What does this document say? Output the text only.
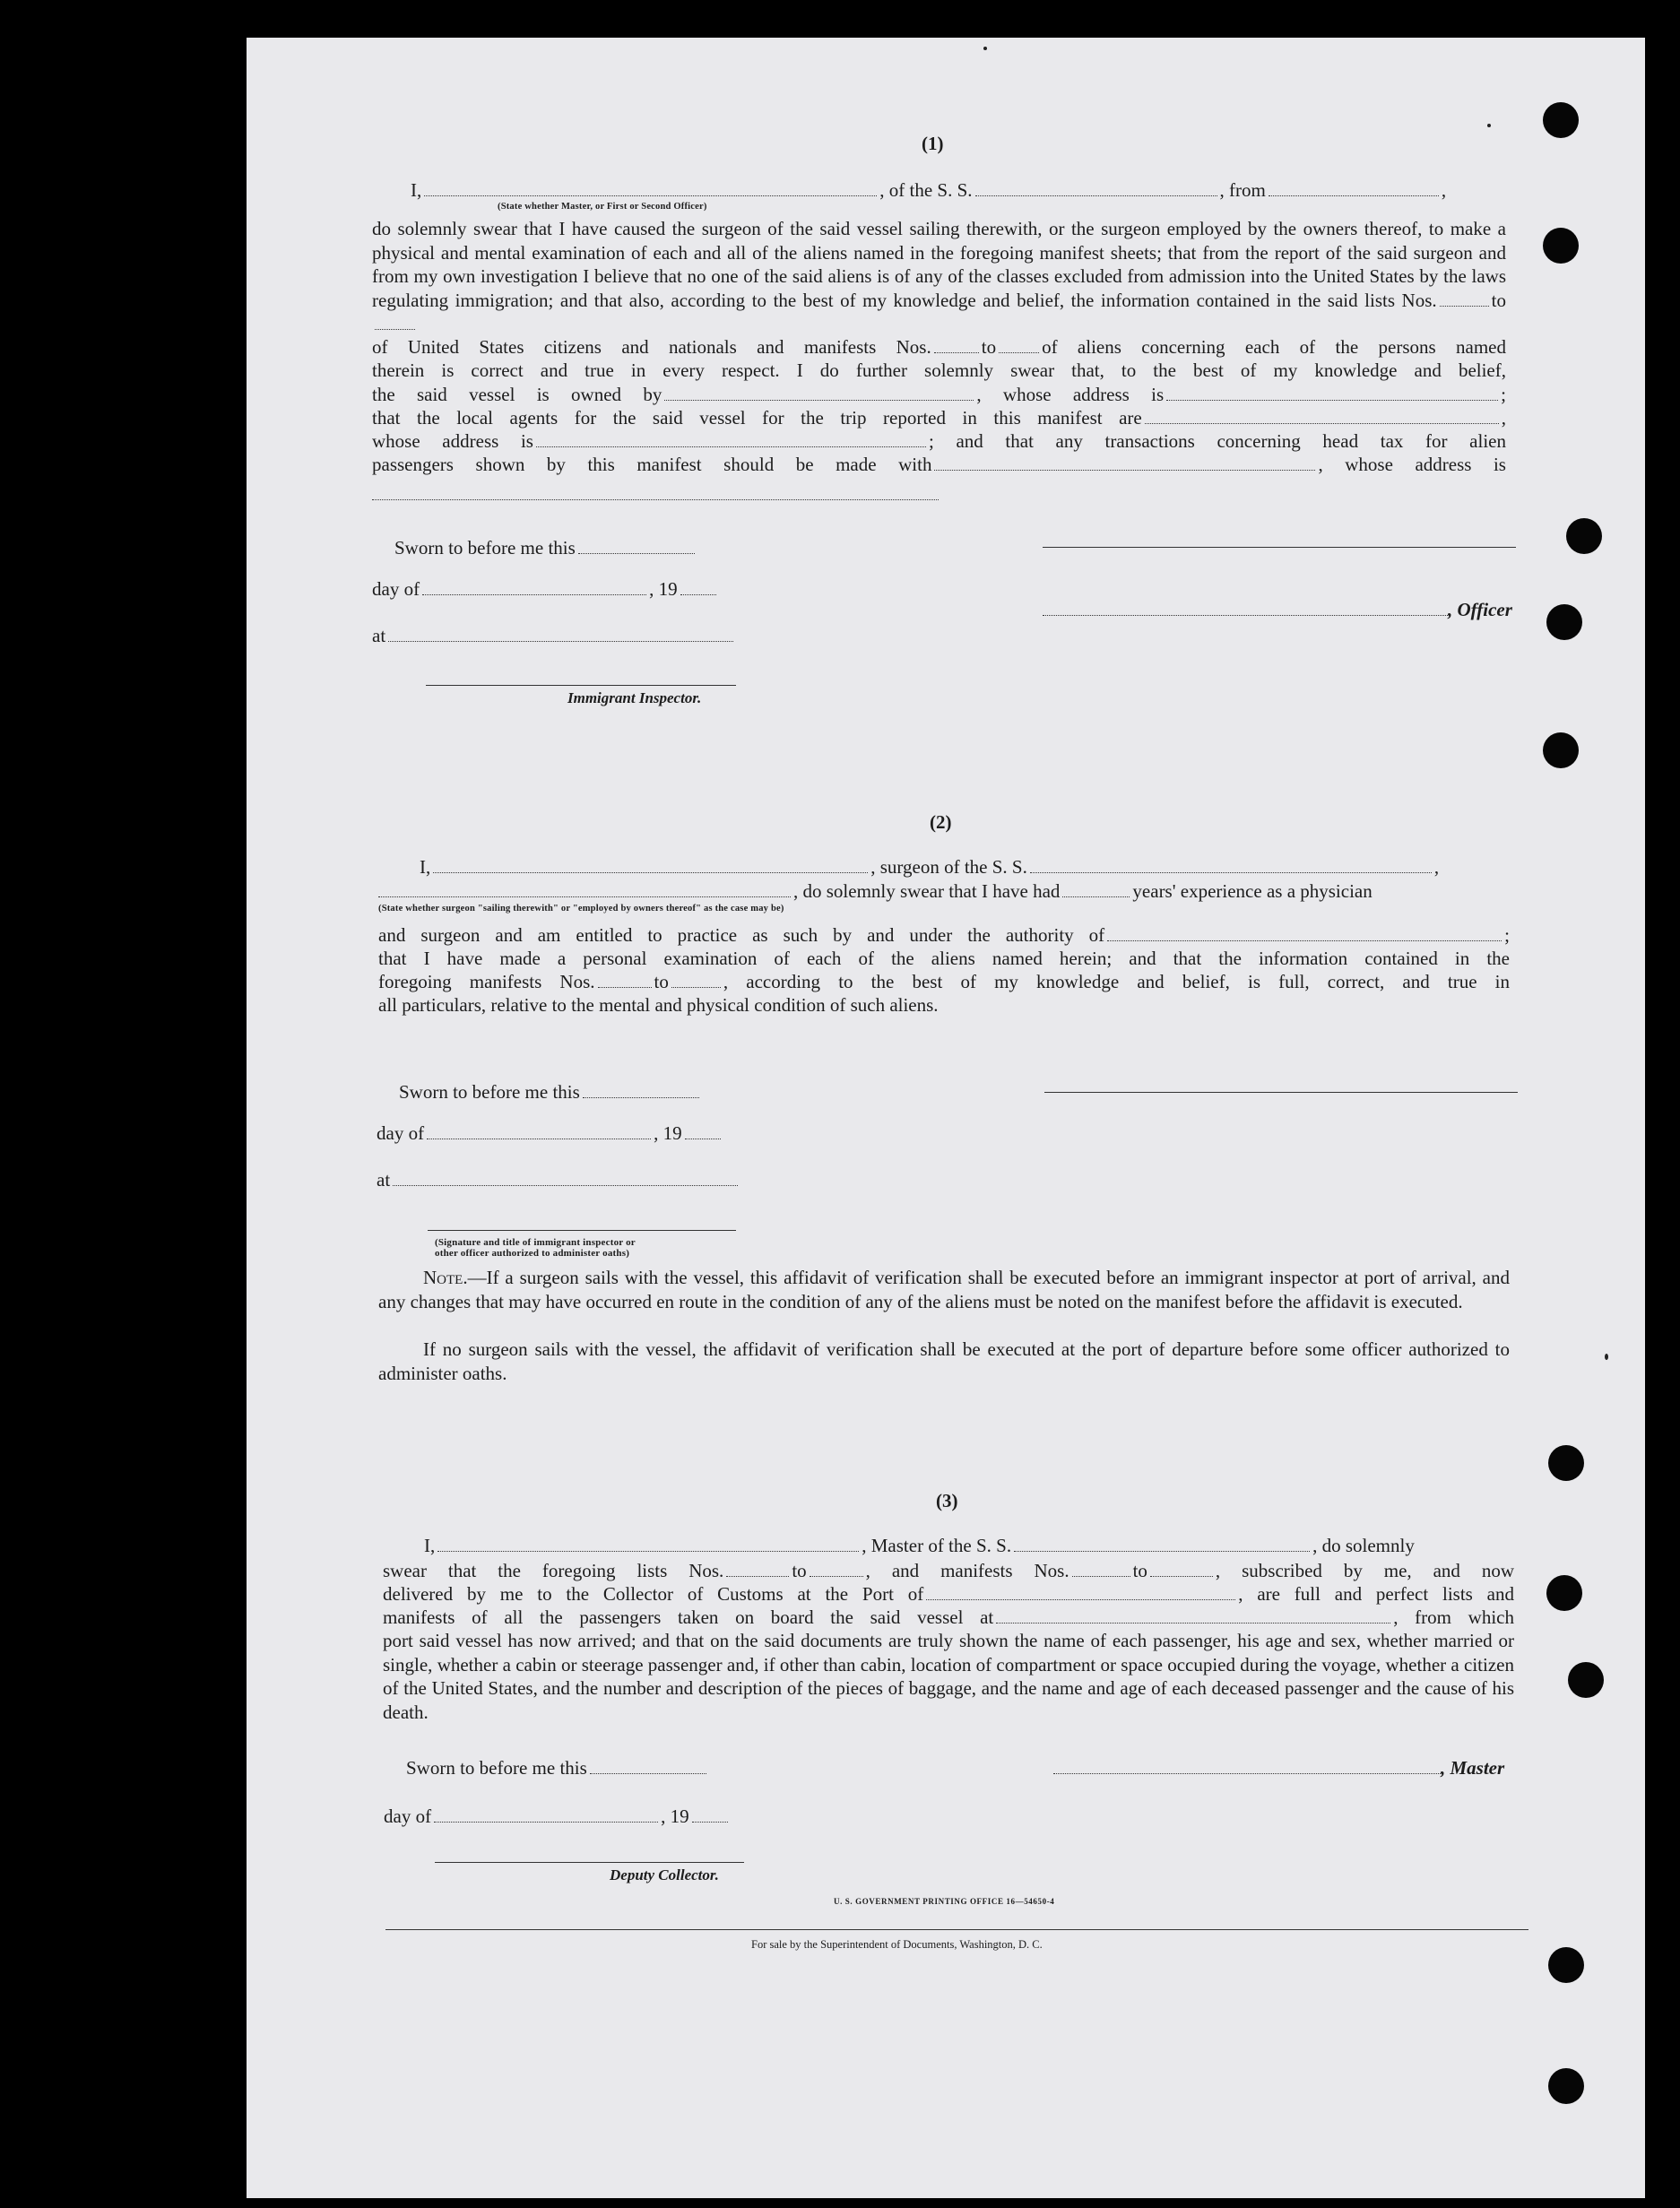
(1)
I,	, of the S. S.	, from	,
(State whether Master, or First or Second Officer)
do solemnly swear that I have caused the surgeon of the said vessel sailing therewith, or the surgeon employed by the owners thereof, to make a physical and mental examination of each and all of the aliens named in the foregoing manifest sheets; that from the report of the said surgeon and from my own investigation I believe that no one of the said aliens is of any of the classes excluded from admission into the United States by the laws regulating immigration; and that also, according to the best of my knowledge and belief, the information contained in the said lists Nos.	to
of United States citizens and nationals and manifests Nos.	to of aliens concerning each of the persons named
therein is correct and true in every respect. I do further solemnly swear that, to the best of my knowledge and belief,
the said vessel is owned by	, whose address is	;
that the local agents for the said vessel for the trip reported in this manifest are	,
whose address is	; and that any transactions concerning head tax for alien
passengers shown by this manifest should be made with	, whose address is
Sworn to before me this
day of	, 19
, Officer
at
Immigrant Inspector.
(2)
I,	, surgeon of the S. S.	,
, do solemnly swear that I have had	years' experience as a physician
(State whether surgeon "sailing therewith" or "employed by owners thereof" as the case may be)
and surgeon and am entitled to practice as such by and under the authority of	;
that I have made a personal examination of each of the aliens named herein; and that the information contained in the
foregoing manifests Nos.	to	, according to the best of my knowledge and belief, is full, correct, and true in
all particulars, relative to the mental and physical condition of such aliens.
Sworn to before me this
day of	, 19
at
(Signature and title of immigrant inspector or
other officer authorized to administer oaths)
Note.—If a surgeon sails with the vessel, this affidavit of verification shall be executed before an immigrant inspector at port of arrival, and any changes that may have occurred en route in the condition of any of the aliens must be noted on the manifest before the affidavit is executed.
If no surgeon sails with the vessel, the affidavit of verification shall be executed at the port of departure before some officer authorized to administer oaths.
(3)
I,	, Master of the S. S.	, do solemnly
swear that the foregoing lists Nos.	to	, and manifests Nos.	to	, subscribed by me, and now
delivered by me to the Collector of Customs at the Port of	, are full and perfect lists and
manifests of all the passengers taken on board the said vessel at	, from which
port said vessel has now arrived; and that on the said documents are truly shown the name of each passenger, his age and sex, whether married or single, whether a cabin or steerage passenger and, if other than cabin, location of compartment or space occupied during the voyage, whether a citizen of the United States, and the number and description of the pieces of baggage, and the name and age of each deceased passenger and the cause of his death.
Sworn to before me this	, Master
day of	, 19
Deputy Collector.
U. S. GOVERNMENT PRINTING OFFICE 16—54650-4
For sale by the Superintendent of Documents, Washington, D. C.
